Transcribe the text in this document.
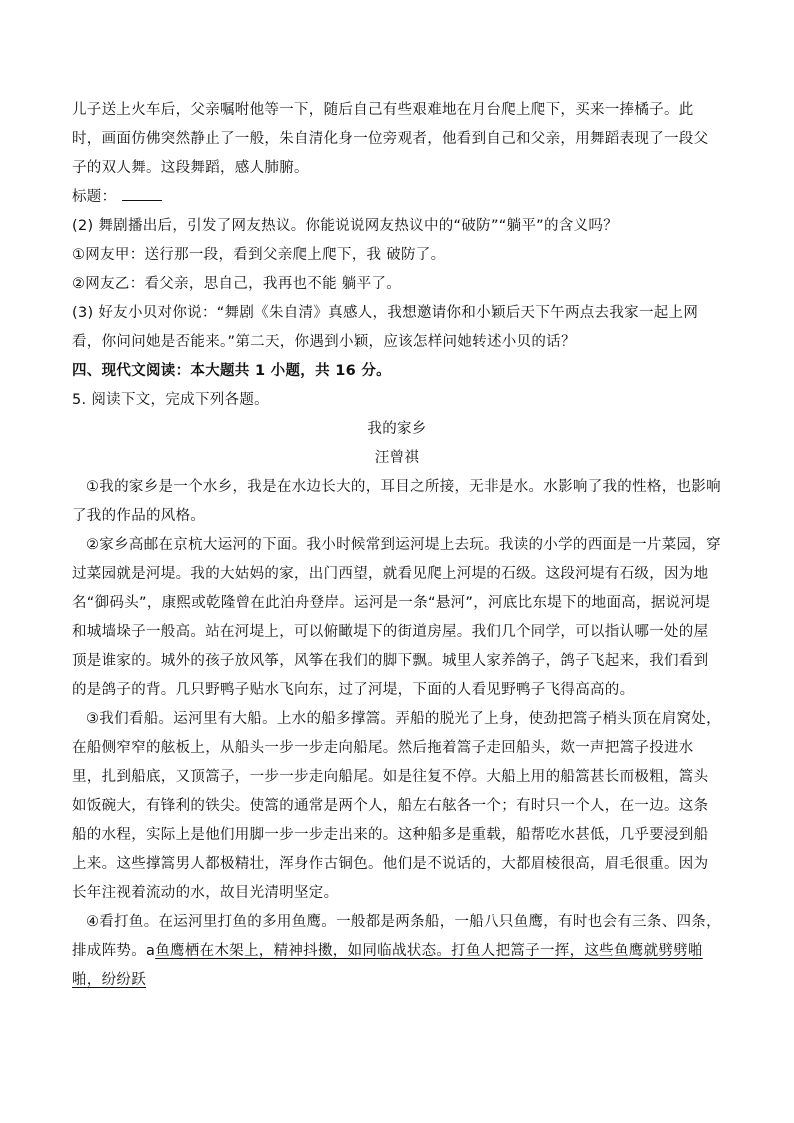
儿子送上火车后，父亲嘱咐他等一下，随后自己有些艰难地在月台爬上爬下，买来一捧橘子。此时，画面仿佛突然静止了一般，朱自清化身一位旁观者，他看到自己和父亲，用舞蹈表现了一段父子的双人舞。这段舞蹈，感人肺腑。

标题：

(2) 舞剧播出后，引发了网友热议。你能说说网友热议中的“破防”“躺平”的含义吗？

①网友甲：送行那一段，看到父亲爬上爬下，我 破防了。

②网友乙：看父亲，思自己，我再也不能 躺平了。

(3) 好友小贝对你说：“舞剧《朱自清》真感人，我想邀请你和小颖后天下午两点去我家一起上网看，你问问她是否能来。”第二天，你遇到小颖，应该怎样问她转述小贝的话？

四、现代文阅读：本大题共 1 小题，共 16 分。

5. 阅读下文，完成下列各题。

我的家乡

汪曾祺

①我的家乡是一个水乡，我是在水边长大的，耳目之所接，无非是水。水影响了我的性格，也影响了我的作品的风格。

②家乡高邮在京杭大运河的下面。我小时候常到运河堤上去玩。我读的小学的西面是一片菜园，穿过菜园就是河堤。我的大姑妈的家，出门西望，就看见爬上河堤的石级。这段河堤有石级，因为地名“御码头”，康熙或乾隆曾在此泊舟登岸。运河是一条“悬河”，河底比东堤下的地面高，据说河堤和城墙垛子一般高。站在河堤上，可以俯瞰堤下的街道房屋。我们几个同学，可以指认哪一处的屋顶是谁家的。城外的孩子放风筝，风筝在我们的脚下飘。城里人家养鸽子，鸽子飞起来，我们看到的是鸽子的背。几只野鸭子贴水飞向东，过了河堤，下面的人看见野鸭子飞得高高的。

③我们看船。运河里有大船。上水的船多撑篙。弄船的脱光了上身，使劲把篙子梢头顶在肩窝处，在船侧窄窄的舷板上，从船头一步一步走向船尾。然后拖着篙子走回船头，欻一声把篙子投进水里，扎到船底，又顶篙子，一步一步走向船尾。如是往复不停。大船上用的船篙甚长而极粗，篙头如饭碗大，有锋利的铁尖。使篙的通常是两个人，船左右舷各一个；有时只一个人，在一边。这条船的水程，实际上是他们用脚一步一步走出来的。这种船多是重载，船帮吃水甚低，几乎要浸到船上来。这些撑篙男人都极精壮，浑身作古铜色。他们是不说话的，大都眉棱很高，眉毛很重。因为长年注视着流动的水，故目光清明坚定。

④看打鱼。在运河里打鱼的多用鱼鹰。一般都是两条船，一船八只鱼鹰，有时也会有三条、四条，排成阵势。a鱼鹰栖在木架上，精神抖擞，如同临战状态。打鱼人把篙子一挥，这些鱼鹰就劈劈啪啪，纷纷跃
